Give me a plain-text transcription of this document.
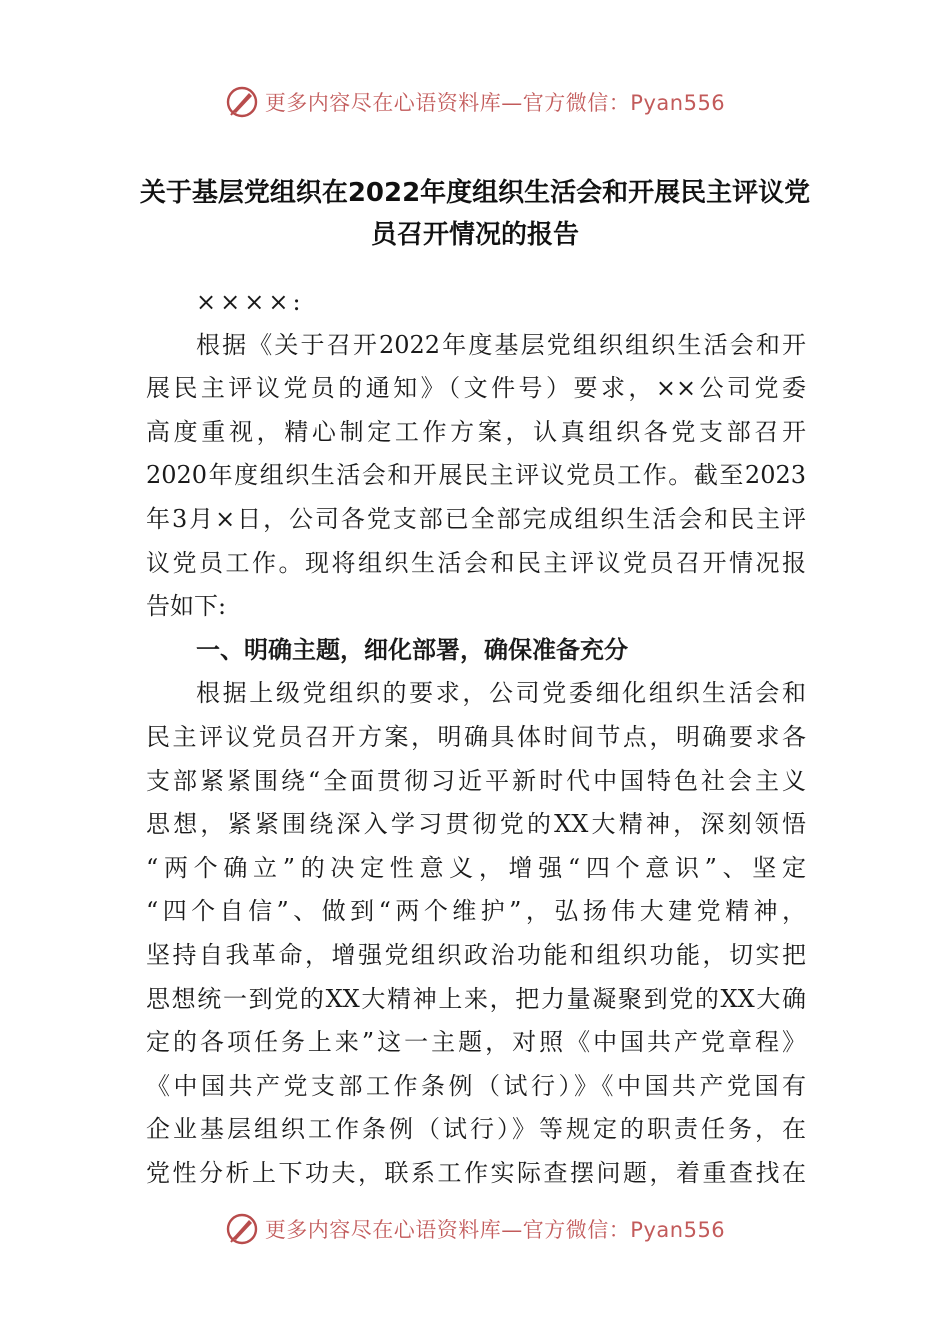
更多内容尽在心语资料库—官方微信：Pyan556
关于基层党组织在2022年度组织生活会和开展民主评议党
员召开情况的报告
××××:
根据《关于召开2022年度基层党组织组织生活会和开
展民主评议党员的通知》（文件号）要求，××公司党委
高度重视，精心制定工作方案，认真组织各党支部召开
2020年度组织生活会和开展民主评议党员工作。截至2023
年3月×日，公司各党支部已全部完成组织生活会和民主评
议党员工作。现将组织生活会和民主评议党员召开情况报
告如下:
一、明确主题，细化部署，确保准备充分
根据上级党组织的要求，公司党委细化组织生活会和
民主评议党员召开方案，明确具体时间节点，明确要求各
支部紧紧围绕“全面贯彻习近平新时代中国特色社会主义
思想，紧紧围绕深入学习贯彻党的XX大精神，深刻领悟
“两个确立”的决定性意义，增强“四个意识”、坚定
“四个自信”、做到“两个维护”，弘扬伟大建党精神，
坚持自我革命，增强党组织政治功能和组织功能，切实把
思想统一到党的XX大精神上来，把力量凝聚到党的XX大确
定的各项任务上来”这一主题，对照《中国共产党章程》
《中国共产党支部工作条例（试行）》《中国共产党国有
企业基层组织工作条例（试行）》等规定的职责任务，在
党性分析上下功夫，联系工作实际查摆问题，着重查找在
更多内容尽在心语资料库—官方微信：Pyan556
